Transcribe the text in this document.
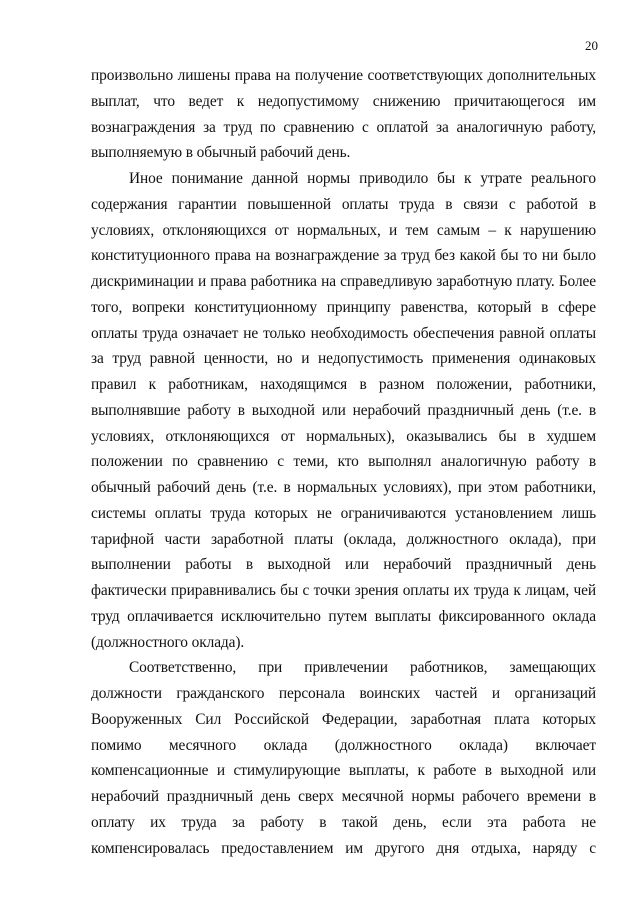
20

произвольно лишены права на получение соответствующих дополнительных
выплат, что ведет к недопустимому снижению причитающегося им
вознаграждения за труд по сравнению с оплатой за аналогичную работу,
выполняемую в обычный рабочий день.

Иное понимание данной нормы приводило бы к утрате реального
содержания гарантии повышенной оплаты труда в связи с работой в
условиях, отклоняющихся от нормальных, и тем самым – к нарушению
конституционного права на вознаграждение за труд без какой бы то ни было
дискриминации и права работника на справедливую заработную плату. Более
того, вопреки конституционному принципу равенства, который в сфере
оплаты труда означает не только необходимость обеспечения равной оплаты
за труд равной ценности, но и недопустимость применения одинаковых
правил к работникам, находящимся в разном положении, работники,
выполнявшие работу в выходной или нерабочий праздничный день (т.е. в
условиях, отклоняющихся от нормальных), оказывались бы в худшем
положении по сравнению с теми, кто выполнял аналогичную работу в
обычный рабочий день (т.е. в нормальных условиях), при этом работники,
системы оплаты труда которых не ограничиваются установлением лишь
тарифной части заработной платы (оклада, должностного оклада), при
выполнении работы в выходной или нерабочий праздничный день
фактически приравнивались бы с точки зрения оплаты их труда к лицам, чей
труд оплачивается исключительно путем выплаты фиксированного оклада
(должностного оклада).

Соответственно, при привлечении работников, замещающих
должности гражданского персонала воинских частей и организаций
Вооруженных Сил Российской Федерации, заработная плата которых
помимо месячного оклада (должностного оклада) включает
компенсационные и стимулирующие выплаты, к работе в выходной или
нерабочий праздничный день сверх месячной нормы рабочего времени в
оплату их труда за работу в такой день, если эта работа не
компенсировалась предоставлением им другого дня отдыха, наряду с
